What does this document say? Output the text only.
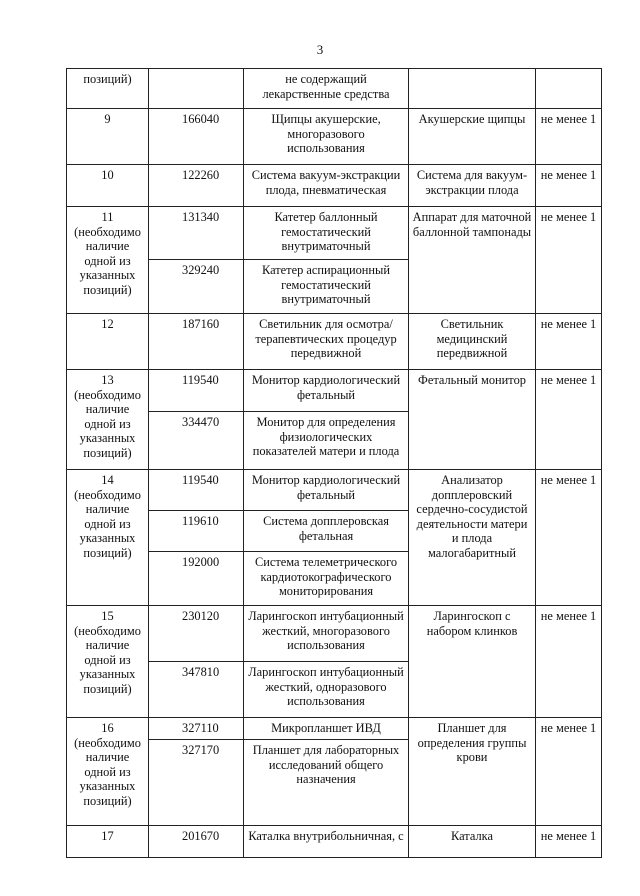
3
позиций)		не содержащий лекарственные средства		
9	166040	Щипцы акушерские, многоразового использования	Акушерские щипцы	не менее 1
10	122260	Система вакуум-экстракции плода, пневматическая	Система для вакуум-экстракции плода	не менее 1
11 (необходимо наличие одной из указанных позиций)	131340	Катетер баллонный гемостатический внутриматочный	Аппарат для маточной баллонной тампонады	не менее 1
	329240	Катетер аспирационный гемостатический внутриматочный		
12	187160	Светильник для осмотра/терапевтических процедур передвижной	Светильник медицинский передвижной	не менее 1
13 (необходимо наличие одной из указанных позиций)	119540	Монитор кардиологический фетальный	Фетальный монитор	не менее 1
	334470	Монитор для определения физиологических показателей матери и плода		
14 (необходимо наличие одной из указанных позиций)	119540	Монитор кардиологический фетальный	Анализатор допплеровский сердечно-сосудистой деятельности матери и плода малогабаритный	не менее 1
	119610	Система допплеровская фетальная		
	192000	Система телеметрического кардиотокографического мониторирования		
15 (необходимо наличие одной из указанных позиций)	230120	Ларингоскоп интубационный жесткий, многоразового использования	Ларингоскоп с набором клинков	не менее 1
	347810	Ларингоскоп интубационный жесткий, одноразового использования		
16 (необходимо наличие одной из указанных позиций)	327110	Микропланшет ИВД	Планшет для определения группы крови	не менее 1
	327170	Планшет для лабораторных исследований общего назначения		
17	201670	Каталка внутрибольничная, с	Каталка	не менее 1
